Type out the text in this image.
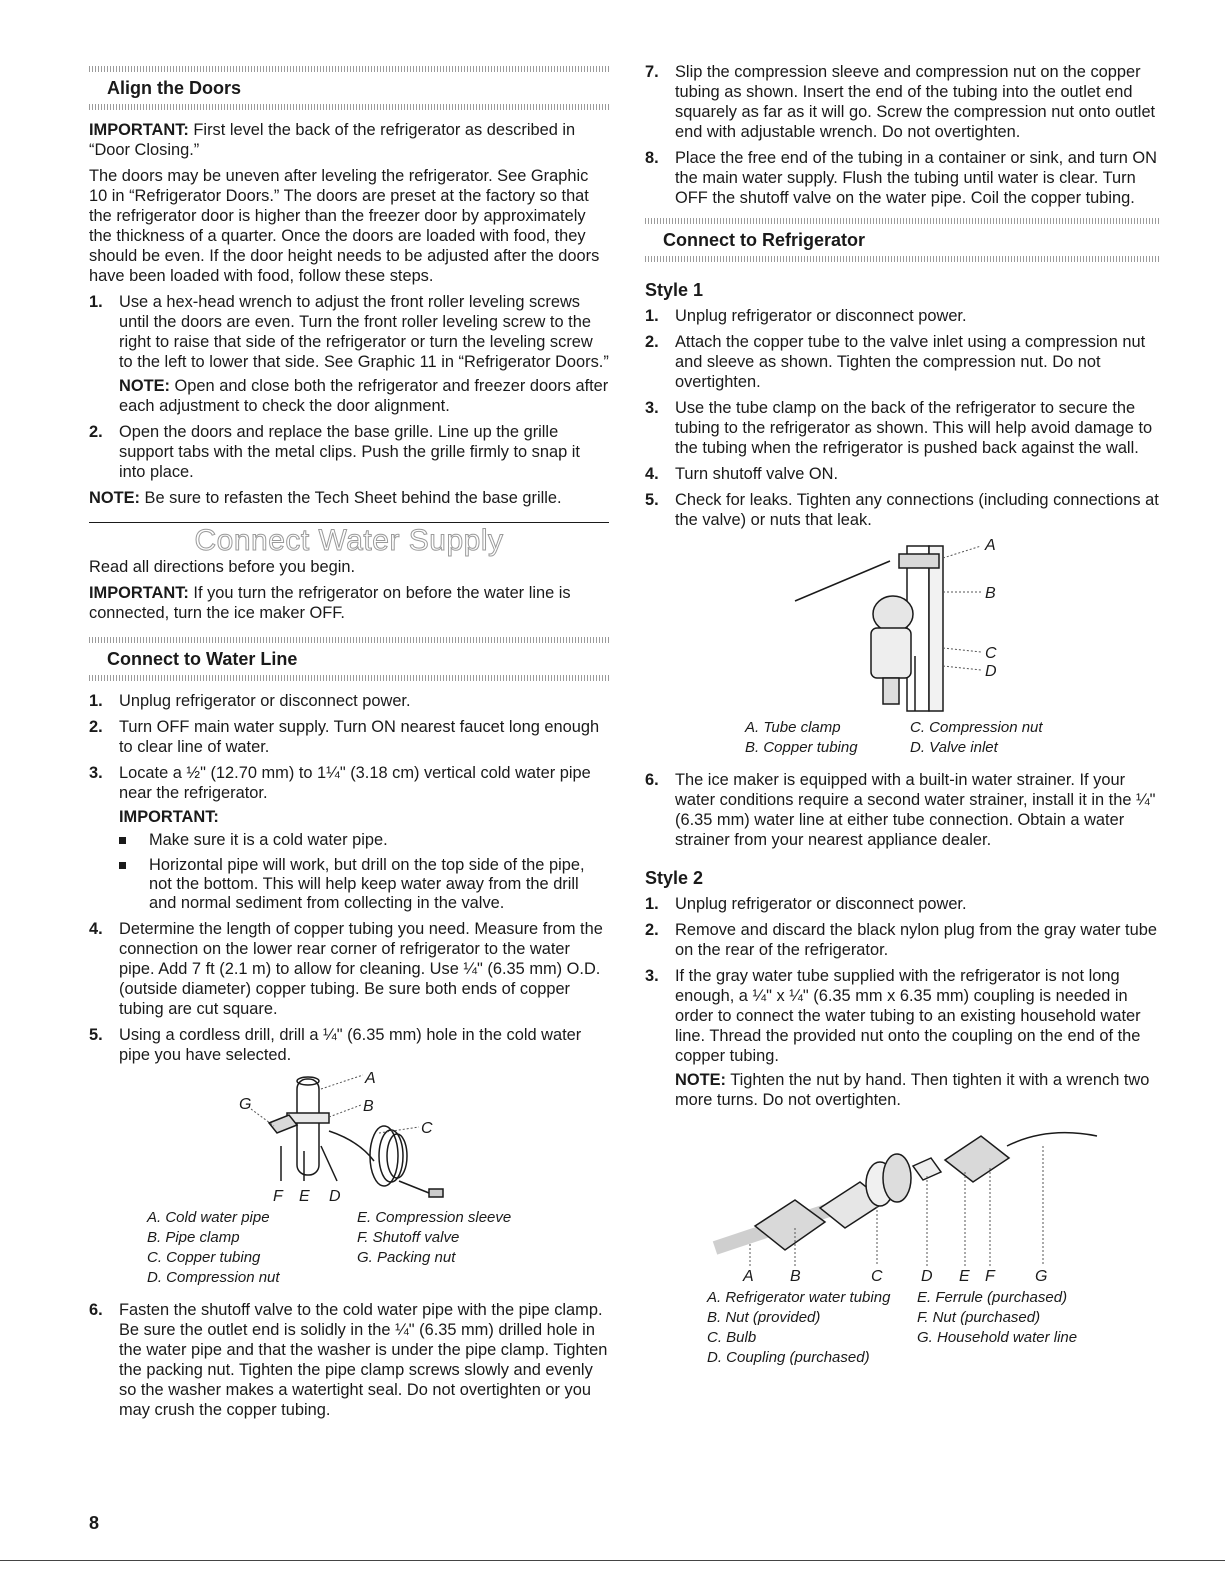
Align the Doors

IMPORTANT: First level the back of the refrigerator as described in “Door Closing.”

The doors may be uneven after leveling the refrigerator. See Graphic 10 in “Refrigerator Doors.” The doors are preset at the factory so that the refrigerator door is higher than the freezer door by approximately the thickness of a quarter. Once the doors are loaded with food, they should be even. If the door height needs to be adjusted after the doors have been loaded with food, follow these steps.

1. Use a hex-head wrench to adjust the front roller leveling screws until the doors are even. Turn the front roller leveling screw to the right to raise that side of the refrigerator or turn the leveling screw to the left to lower that side. See Graphic 11 in “Refrigerator Doors.”

NOTE: Open and close both the refrigerator and freezer doors after each adjustment to check the door alignment.

2. Open the doors and replace the base grille. Line up the grille support tabs with the metal clips. Push the grille firmly to snap it into place.

NOTE: Be sure to refasten the Tech Sheet behind the base grille.

Connect Water Supply

Read all directions before you begin.

IMPORTANT: If you turn the refrigerator on before the water line is connected, turn the ice maker OFF.

Connect to Water Line
1. Unplug refrigerator or disconnect power.
2. Turn OFF main water supply. Turn ON nearest faucet long enough to clear line of water.
3. Locate a ½" (12.70 mm) to 1¼" (3.18 cm) vertical cold water pipe near the refrigerator.
IMPORTANT:
Make sure it is a cold water pipe.
Horizontal pipe will work, but drill on the top side of the pipe, not the bottom. This will help keep water away from the drill and normal sediment from collecting in the valve.
4. Determine the length of copper tubing you need. Measure from the connection on the lower rear corner of refrigerator to the water pipe. Add 7 ft (2.1 m) to allow for cleaning. Use ¼" (6.35 mm) O.D. (outside diameter) copper tubing. Be sure both ends of copper tubing are cut square.
5. Using a cordless drill, drill a ¼" (6.35 mm) hole in the cold water pipe you have selected.
A
B
C
G
F E D
A. Cold water pipe	E. Compression sleeve
B. Pipe clamp	F. Shutoff valve
C. Copper tubing	G. Packing nut
D. Compression nut
6. Fasten the shutoff valve to the cold water pipe with the pipe clamp. Be sure the outlet end is solidly in the ¼" (6.35 mm) drilled hole in the water pipe and that the washer is under the pipe clamp. Tighten the packing nut. Tighten the pipe clamp screws slowly and evenly so the washer makes a watertight seal. Do not overtighten or you may crush the copper tubing.
7. Slip the compression sleeve and compression nut on the copper tubing as shown. Insert the end of the tubing into the outlet end squarely as far as it will go. Screw the compression nut onto outlet end with adjustable wrench. Do not overtighten.
8. Place the free end of the tubing in a container or sink, and turn ON the main water supply. Flush the tubing until water is clear. Turn OFF the shutoff valve on the water pipe. Coil the copper tubing.
Connect to Refrigerator
Style 1
1. Unplug refrigerator or disconnect power.
2. Attach the copper tube to the valve inlet using a compression nut and sleeve as shown. Tighten the compression nut. Do not overtighten.
3. Use the tube clamp on the back of the refrigerator to secure the tubing to the refrigerator as shown. This will help avoid damage to the tubing when the refrigerator is pushed back against the wall.
4. Turn shutoff valve ON.
5. Check for leaks. Tighten any connections (including connections at the valve) or nuts that leak.
A
B
C
D
A. Tube clamp	C. Compression nut
B. Copper tubing	D. Valve inlet
6. The ice maker is equipped with a built-in water strainer. If your water conditions require a second water strainer, install it in the ¼" (6.35 mm) water line at either tube connection. Obtain a water strainer from your nearest appliance dealer.
Style 2
1. Unplug refrigerator or disconnect power.
2. Remove and discard the black nylon plug from the gray water tube on the rear of the refrigerator.
3. If the gray water tube supplied with the refrigerator is not long enough, a ¼" x ¼" (6.35 mm x 6.35 mm) coupling is needed in order to connect the water tubing to an existing household water line. Thread the provided nut onto the coupling on the end of the copper tubing.

NOTE: Tighten the nut by hand. Then tighten it with a wrench two more turns. Do not overtighten.

A B	C D E F	G
A. Refrigerator water tubing	E. Ferrule (purchased)
B. Nut (provided)	F. Nut (purchased)
C. Bulb	G. Household water line
D. Coupling (purchased)
8
